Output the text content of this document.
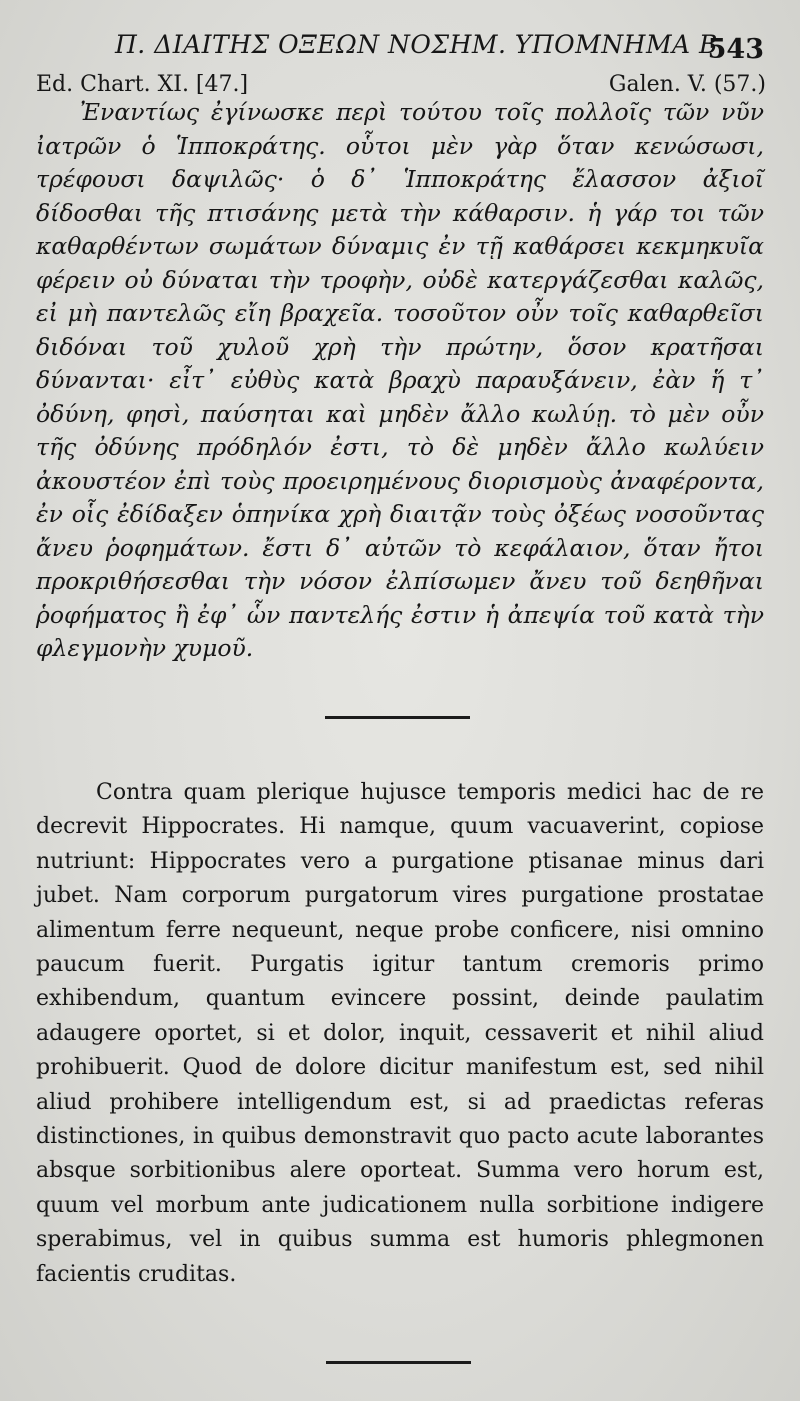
Π. ΔΙΑΙΤΗΣ ΟΞΕΩΝ ΝΟΣΗΜ. ΥΠΟΜΝΗΜΑ Β.
543
Ed. Chart. XI. [47.]	Galen. V. (57.)
Ἐναντίως ἐγίνωσκε περὶ τούτου τοῖς πολλοῖς τῶν νῦν ἰατρῶν ὁ Ἱπποκράτης. οὗτοι μὲν γὰρ ὅταν κενώσωσι, τρέφουσι δαψιλῶς· ὁ δ᾽ Ἱπποκράτης ἔλασσον ἀξιοῖ δίδοσθαι τῆς πτισάνης μετὰ τὴν κάθαρσιν. ἡ γάρ τοι τῶν καθαρθέντων σωμάτων δύναμις ἐν τῇ καθάρσει κεκμηκυῖα φέρειν οὐ δύναται τὴν τροφὴν, οὐδὲ κατεργάζεσθαι καλῶς, εἰ μὴ παντελῶς εἴη βραχεῖα. τοσοῦτον οὖν τοῖς καθαρθεῖσι διδόναι τοῦ χυλοῦ χρὴ τὴν πρώτην, ὅσον κρατῆσαι δύνανται· εἶτ᾽ εὐθὺς κατὰ βραχὺ παραυξάνειν, ἐὰν ἥ τ᾽ ὀδύνη, φησὶ, παύσηται καὶ μηδὲν ἄλλο κωλύῃ. τὸ μὲν οὖν τῆς ὀδύνης πρόδηλόν ἐστι, τὸ δὲ μηδὲν ἄλλο κωλύειν ἀκουστέον ἐπὶ τοὺς προειρημένους διορισμοὺς ἀναφέροντα, ἐν οἷς ἐδίδαξεν ὁπηνίκα χρὴ διαιτᾷν τοὺς ὀξέως νοσοῦντας ἄνευ ῥοφημάτων. ἔστι δ᾽ αὐτῶν τὸ κεφάλαιον, ὅταν ἤτοι προκριθήσεσθαι τὴν νόσον ἐλπίσωμεν ἄνευ τοῦ δεηθῆναι ῥοφήματος ἢ ἐφ᾽ ὧν παντελής ἐστιν ἡ ἀπεψία τοῦ κατὰ τὴν φλεγμονὴν χυμοῦ.
Contra quam plerique hujusce temporis medici hac de re decrevit Hippocrates. Hi namque, quum vacuaverint, copiose nutriunt: Hippocrates vero a purgatione ptisanae minus dari jubet. Nam corporum purgatorum vires purgatione prostatae alimentum ferre nequeunt, neque probe conficere, nisi omnino paucum fuerit. Purgatis igitur tantum cremoris primo exhibendum, quantum evincere possint, deinde paulatim adaugere oportet, si et dolor, inquit, cessaverit et nihil aliud prohibuerit. Quod de dolore dicitur manifestum est, sed nihil aliud prohibere intelligendum est, si ad praedictas referas distinctiones, in quibus demonstravit quo pacto acute laborantes absque sorbitionibus alere oporteat. Summa vero horum est, quum vel morbum ante judicationem nulla sorbitione indigere sperabimus, vel in quibus summa est humoris phlegmonen facientis cruditas.
